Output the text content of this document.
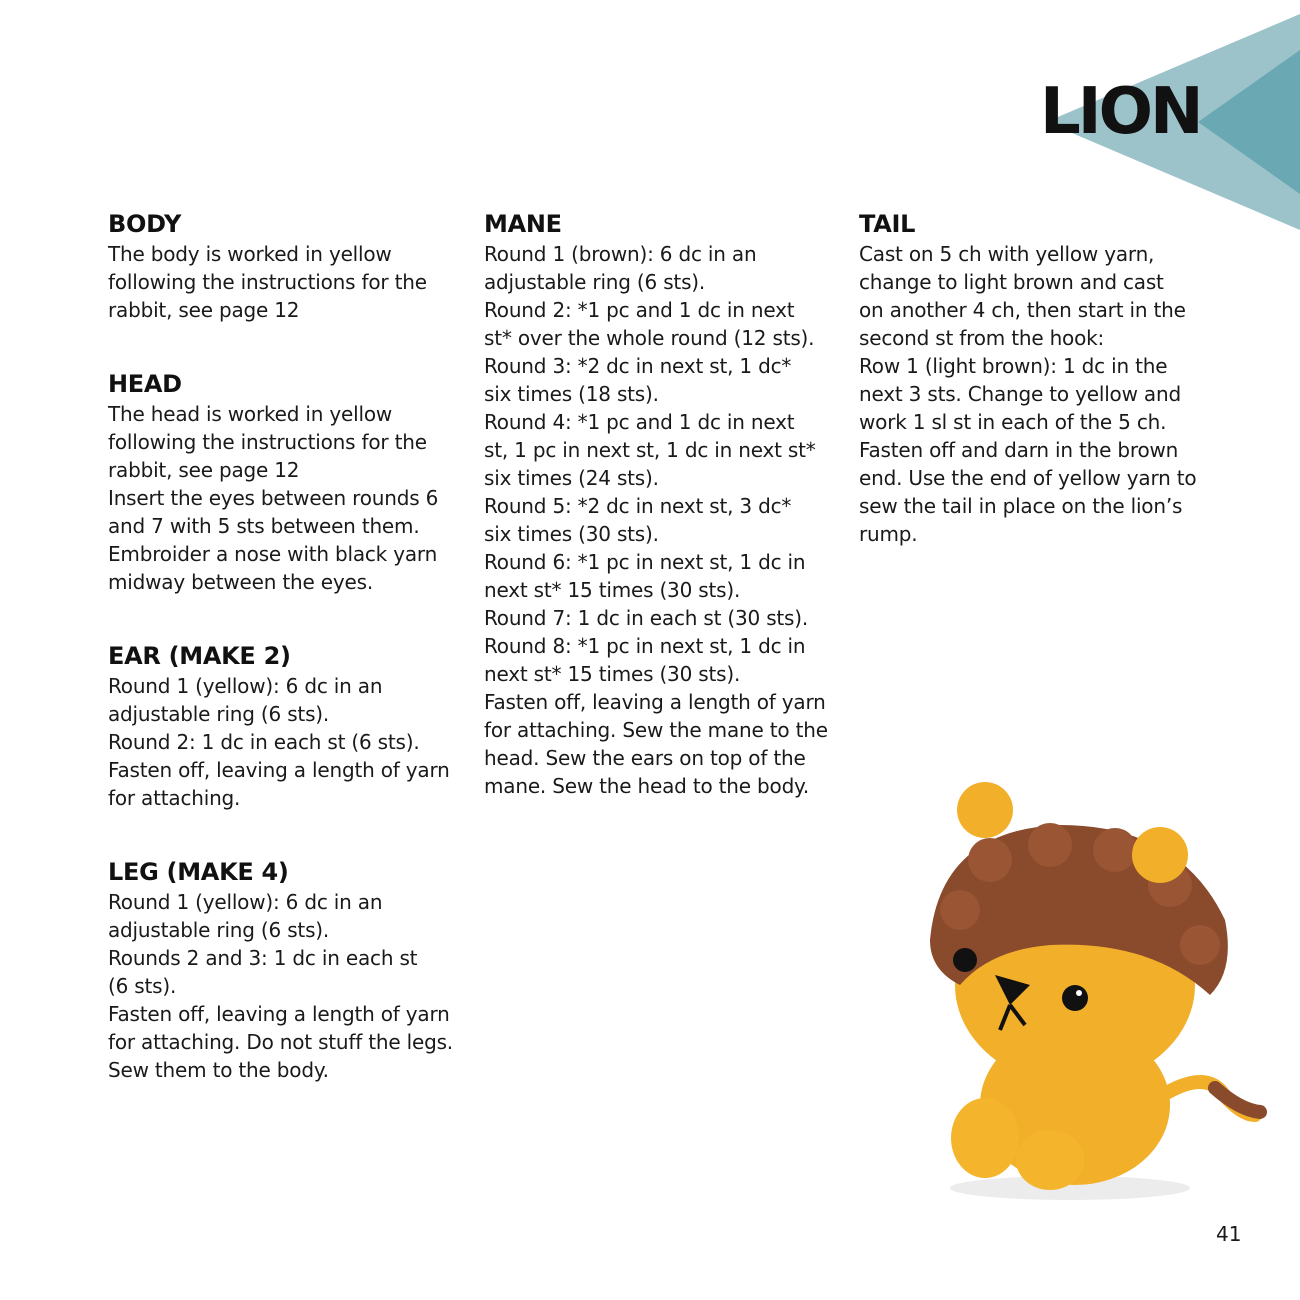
LION
BODY
The body is worked in yellow
following the instructions for the
rabbit, see page 12
HEAD
The head is worked in yellow
following the instructions for the
rabbit, see page 12
Insert the eyes between rounds 6
and 7 with 5 sts between them.
Embroider a nose with black yarn
midway between the eyes.
EAR (MAKE 2)
Round 1 (yellow): 6 dc in an
adjustable ring (6 sts).
Round 2: 1 dc in each st (6 sts).
Fasten off, leaving a length of yarn
for attaching.
LEG (MAKE 4)
Round 1 (yellow): 6 dc in an
adjustable ring (6 sts).
Rounds 2 and 3: 1 dc in each st
(6 sts).
Fasten off, leaving a length of yarn
for attaching. Do not stuff the legs.
Sew them to the body.
MANE
Round 1 (brown): 6 dc in an
adjustable ring (6 sts).
Round 2: *1 pc and 1 dc in next
st* over the whole round (12 sts).
Round 3: *2 dc in next st, 1 dc*
six times (18 sts).
Round 4: *1 pc and 1 dc in next
st, 1 pc in next st, 1 dc in next st*
six times (24 sts).
Round 5: *2 dc in next st, 3 dc*
six times (30 sts).
Round 6: *1 pc in next st, 1 dc in
next st* 15 times (30 sts).
Round 7: 1 dc in each st (30 sts).
Round 8: *1 pc in next st, 1 dc in
next st* 15 times (30 sts).
Fasten off, leaving a length of yarn
for attaching. Sew the mane to the
head. Sew the ears on top of the
mane. Sew the head to the body.
TAIL
Cast on 5 ch with yellow yarn,
change to light brown and cast
on another 4 ch, then start in the
second st from the hook:
Row 1 (light brown): 1 dc in the
next 3 sts. Change to yellow and
work 1 sl st in each of the 5 ch.
Fasten off and darn in the brown
end. Use the end of yellow yarn to
sew the tail in place on the lion’s
rump.
41
